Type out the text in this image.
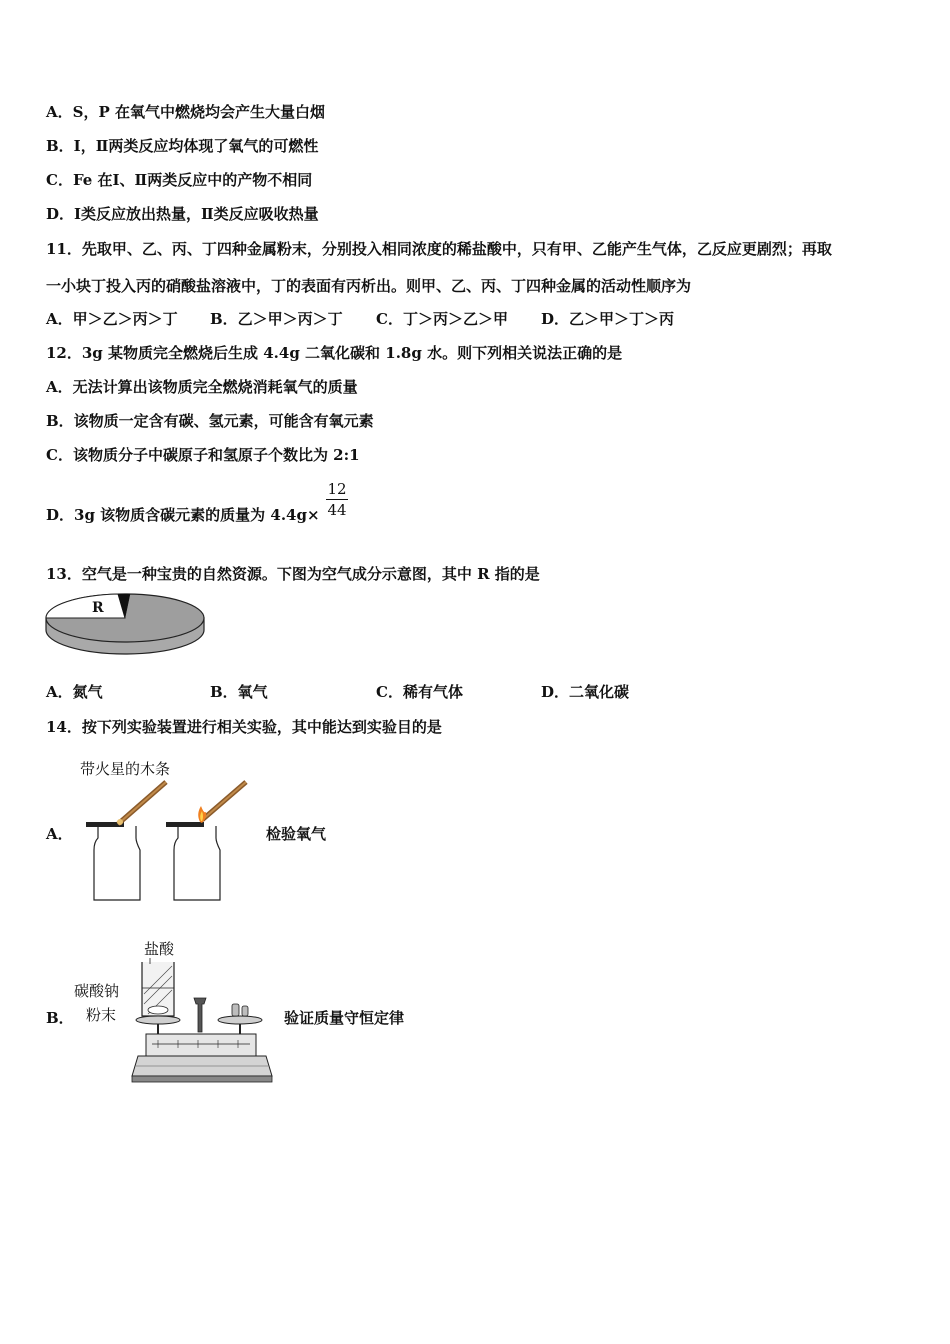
A．S，P 在氧气中燃烧均会产生大量白烟
B．Ⅰ，Ⅱ两类反应均体现了氧气的可燃性
C．Fe 在Ⅰ、Ⅱ两类反应中的产物不相同
D．Ⅰ类反应放出热量，Ⅱ类反应吸收热量
11．先取甲、乙、丙、丁四种金属粉末，分别投入相同浓度的稀盐酸中，只有甲、乙能产生气体，乙反应更剧烈；再取
一小块丁投入丙的硝酸盐溶液中，丁的表面有丙析出。则甲、乙、丙、丁四种金属的活动性顺序为
A．甲＞乙＞丙＞丁 B．乙＞甲＞丙＞丁 C．丁＞丙＞乙＞甲 D．乙＞甲＞丁＞丙
12．3g 某物质完全燃烧后生成 4.4g 二氧化碳和 1.8g 水。则下列相关说法正确的是
A．无法计算出该物质完全燃烧消耗氧气的质量
B．该物质一定含有碳、氢元素，可能含有氧元素
C．该物质分子中碳原子和氢原子个数比为 2:1
D．3g 该物质含碳元素的质量为 4.4g×
12
44
13．空气是一种宝贵的自然资源。下图为空气成分示意图，其中 R 指的是
R
A．氮气	B．氧气	C．稀有气体	D．二氧化碳
14．按下列实验装置进行相关实验，其中能达到实验目的是
带火星的木条
A．	检验氧气
盐酸
碳酸钠
粉末
B．	验证质量守恒定律
